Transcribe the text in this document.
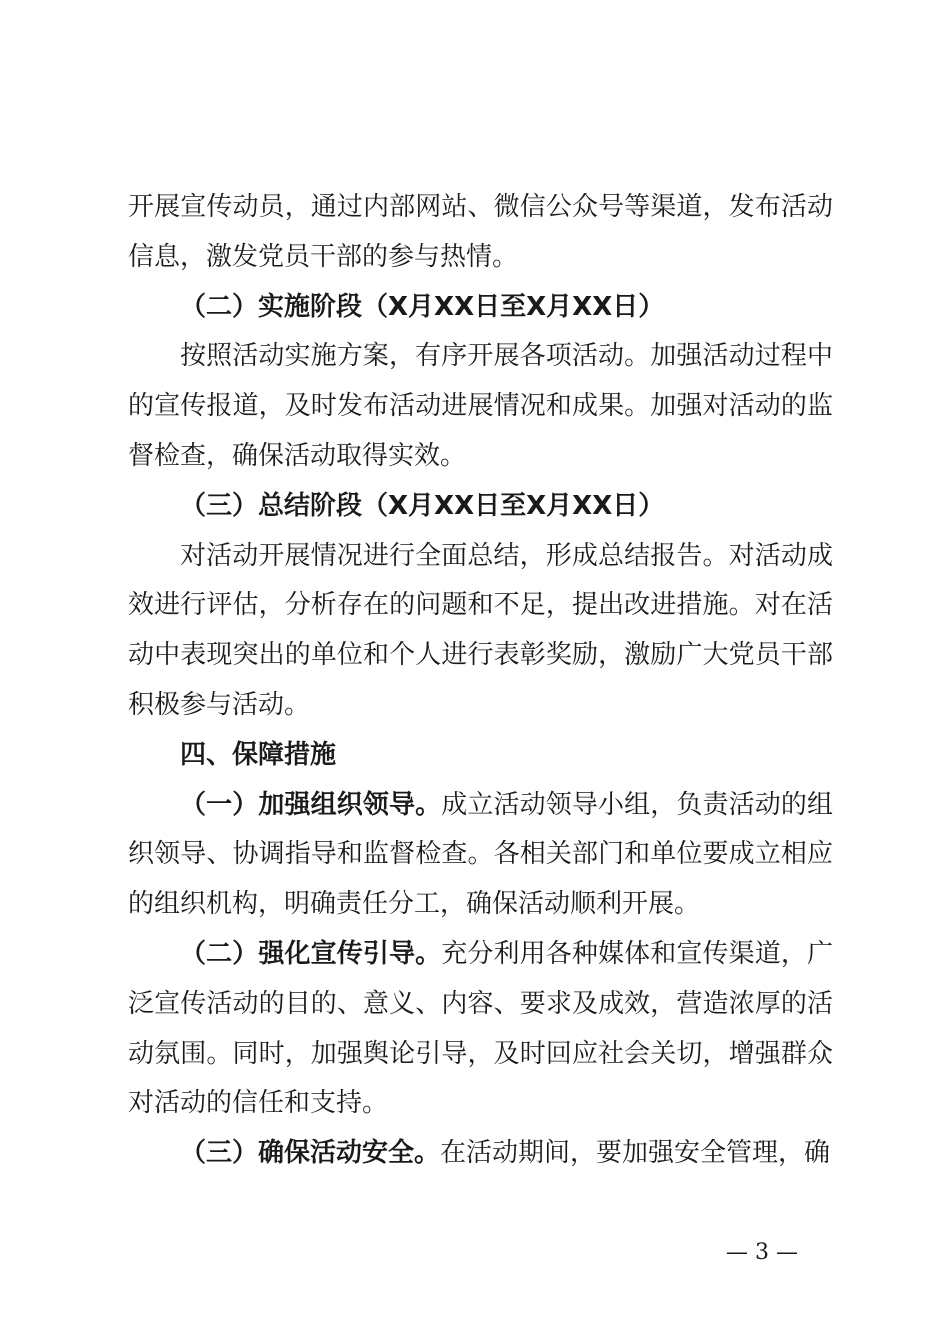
开展宣传动员，通过内部网站、微信公众号等渠道，发布活动信息，激发党员干部的参与热情。

（二）实施阶段（X月XX日至X月XX日）

按照活动实施方案，有序开展各项活动。加强活动过程中的宣传报道，及时发布活动进展情况和成果。加强对活动的监督检查，确保活动取得实效。

（三）总结阶段（X月XX日至X月XX日）

对活动开展情况进行全面总结，形成总结报告。对活动成效进行评估，分析存在的问题和不足，提出改进措施。对在活动中表现突出的单位和个人进行表彰奖励，激励广大党员干部积极参与活动。

四、保障措施

（一）加强组织领导。成立活动领导小组，负责活动的组织领导、协调指导和监督检查。各相关部门和单位要成立相应的组织机构，明确责任分工，确保活动顺利开展。

（二）强化宣传引导。充分利用各种媒体和宣传渠道，广泛宣传活动的目的、意义、内容、要求及成效，营造浓厚的活动氛围。同时，加强舆论引导，及时回应社会关切，增强群众对活动的信任和支持。

（三）确保活动安全。在活动期间，要加强安全管理，确

— 3 —
